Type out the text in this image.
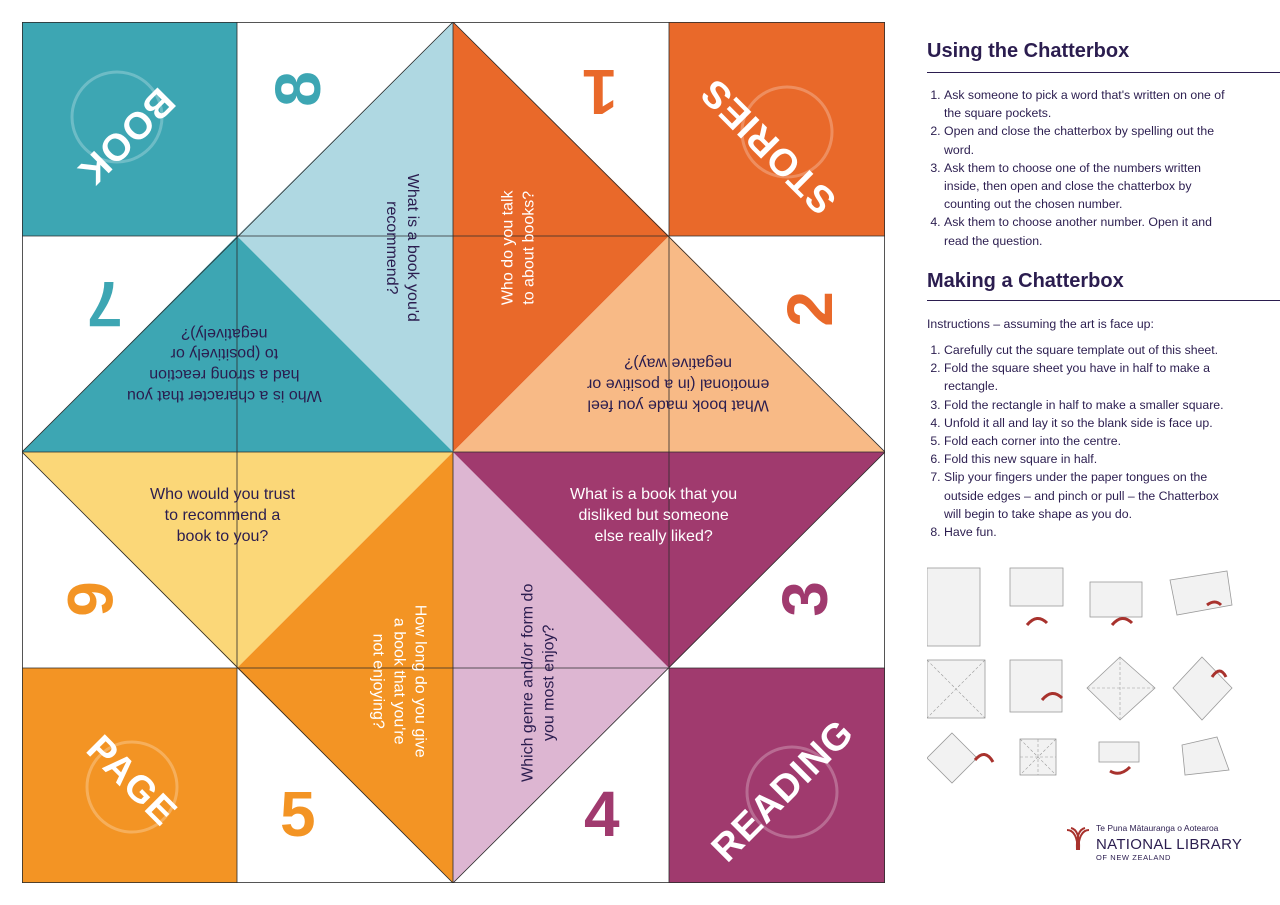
BOOK	STORIES
PAGE	READING
8	1
7	2
6	3
5	4
What is a book you'd
recommend?
Who is a character that you
had a strong reaction
to (positively or
negatively)?
Who do you talk
to about books?
What book made you feel
emotional (in a positive or
negative way)?
Who would you trust
to recommend a
book to you?
How long do you give
a book that you're
not enjoying?
Which genre and/or form do
you most enjoy?
What is a book that you
disliked but someone
else really liked?
Using the Chatterbox
1. Ask someone to pick a word that's written on one of the square pockets.
2. Open and close the chatterbox by spelling out the word.
3. Ask them to choose one of the numbers written inside, then open and close the chatterbox by counting out the chosen number.
4. Ask them to choose another number. Open it and read the question.
Making a Chatterbox
Instructions – assuming the art is face up:
1. Carefully cut the square template out of this sheet.
2. Fold the square sheet you have in half to make a rectangle.
3. Fold the rectangle in half to make a smaller square.
4. Unfold it all and lay it so the blank side is face up.
5. Fold each corner into the centre.
6. Fold this new square in half.
7. Slip your fingers under the paper tongues on the outside edges – and pinch or pull – the Chatterbox will begin to take shape as you do.
8. Have fun.
Te Puna Mātauranga o Aotearoa
NATIONAL LIBRARY
OF NEW ZEALAND
